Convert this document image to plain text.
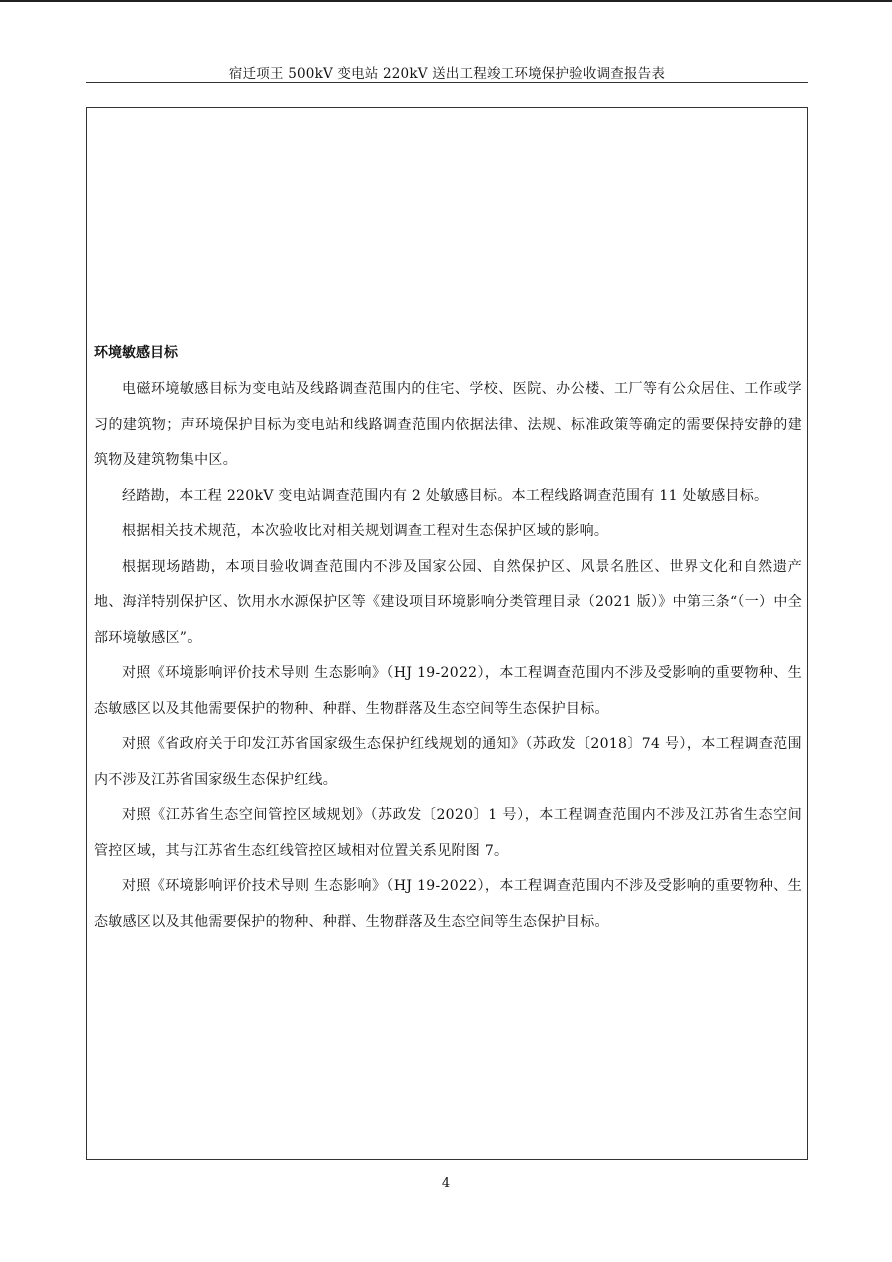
宿迁项王 500kV 变电站 220kV 送出工程竣工环境保护验收调查报告表
环境敏感目标

电磁环境敏感目标为变电站及线路调查范围内的住宅、学校、医院、办公楼、工厂等有公众居住、工作或学习的建筑物；声环境保护目标为变电站和线路调查范围内依据法律、法规、标准政策等确定的需要保持安静的建筑物及建筑物集中区。

经踏勘，本工程 220kV 变电站调查范围内有 2 处敏感目标。本工程线路调查范围有 11 处敏感目标。

根据相关技术规范，本次验收比对相关规划调查工程对生态保护区域的影响。

根据现场踏勘，本项目验收调查范围内不涉及国家公园、自然保护区、风景名胜区、世界文化和自然遗产地、海洋特别保护区、饮用水水源保护区等《建设项目环境影响分类管理目录（2021 版）》中第三条“（一）中全部环境敏感区”。

对照《环境影响评价技术导则 生态影响》（HJ 19-2022），本工程调查范围内不涉及受影响的重要物种、生态敏感区以及其他需要保护的物种、种群、生物群落及生态空间等生态保护目标。

对照《省政府关于印发江苏省国家级生态保护红线规划的通知》（苏政发〔2018〕74 号），本工程调查范围内不涉及江苏省国家级生态保护红线。

对照《江苏省生态空间管控区域规划》（苏政发〔2020〕1 号），本工程调查范围内不涉及江苏省生态空间管控区域，其与江苏省生态红线管控区域相对位置关系见附图 7。

对照《环境影响评价技术导则 生态影响》（HJ 19-2022），本工程调查范围内不涉及受影响的重要物种、生态敏感区以及其他需要保护的物种、种群、生物群落及生态空间等生态保护目标。

4
